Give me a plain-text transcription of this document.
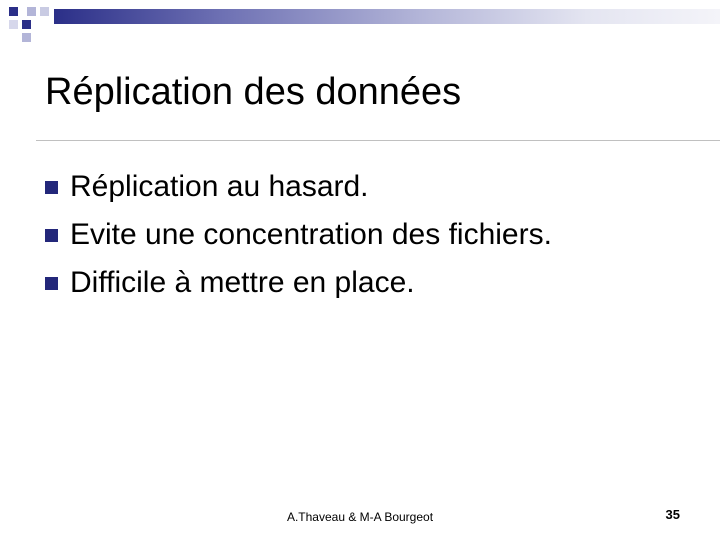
Réplication des données
Réplication au hasard.
Evite une concentration des fichiers.
Difficile à mettre en place.
A.Thaveau & M-A Bourgeot	35
